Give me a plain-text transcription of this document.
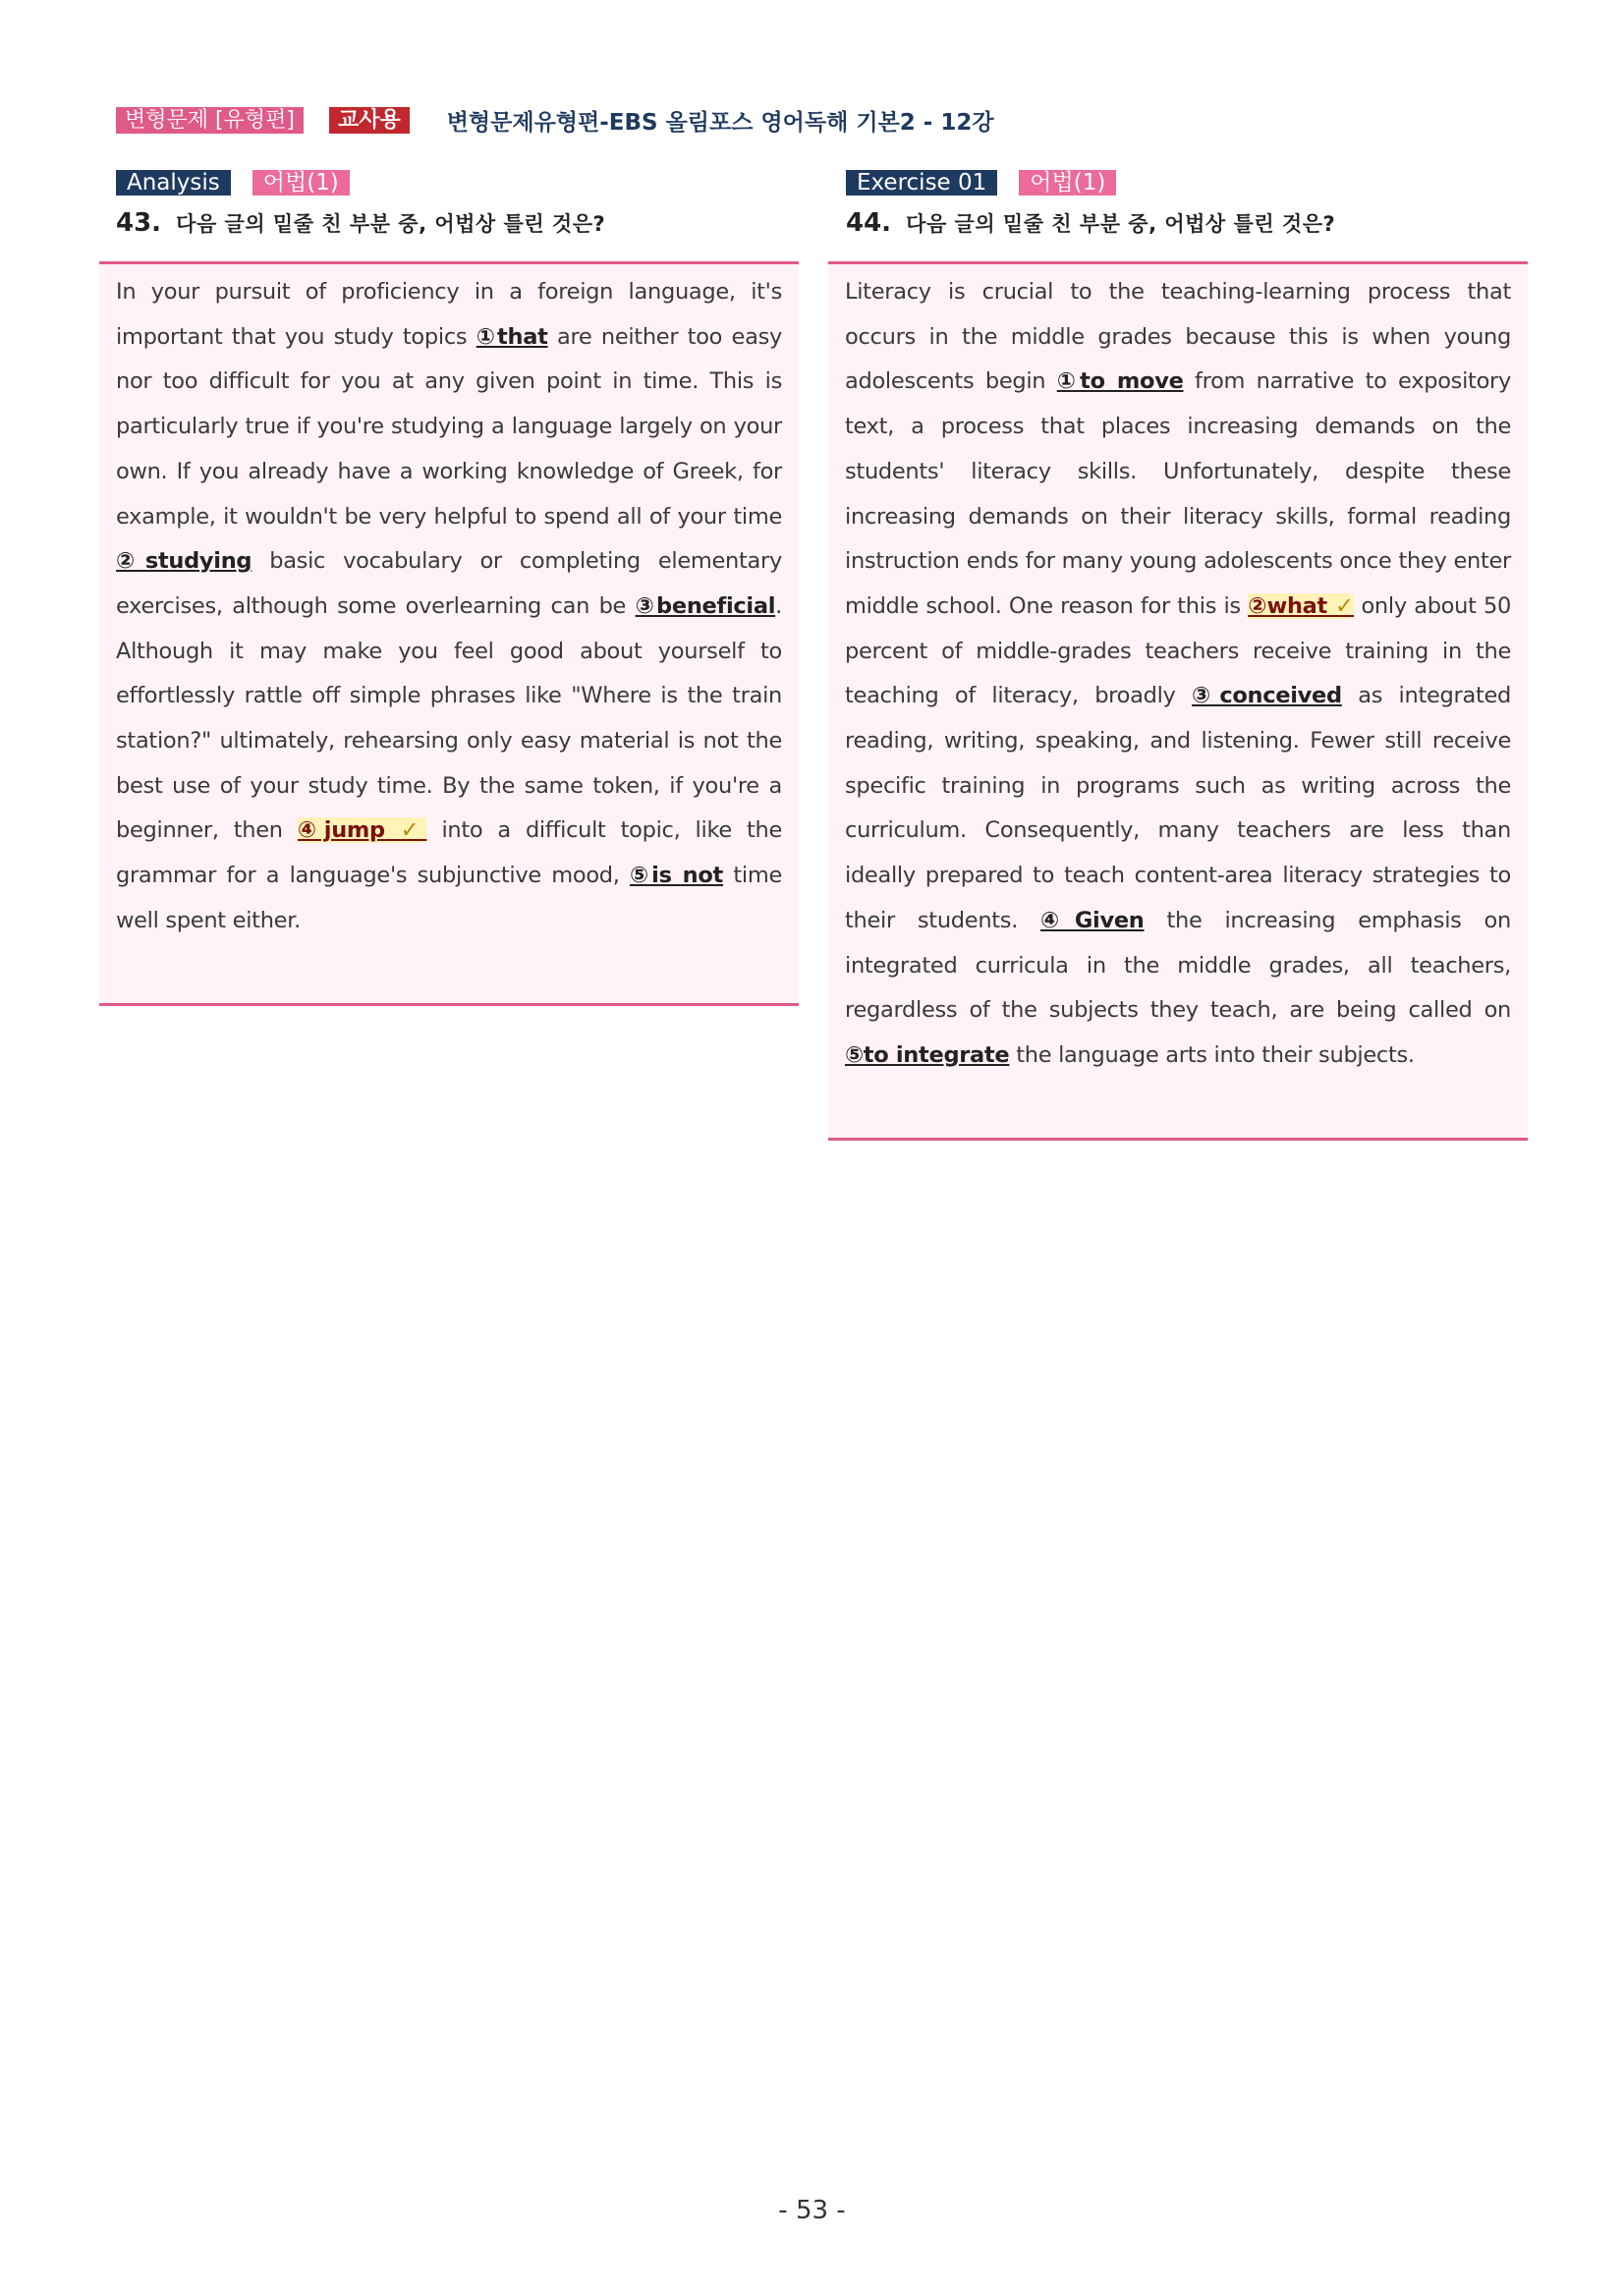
변형문제 [유형편]	교사용	변형문제유형편-EBS 올림포스 영어독해 기본2 - 12강
Analysis	어법(1)
43. 다음 글의 밑줄 친 부분 중, 어법상 틀린 것은?

In your pursuit of proficiency in a foreign language, it's important that you study topics ①that are neither too easy nor too difficult for you at any given point in time. This is particularly true if you're studying a language largely on your own. If you already have a working knowledge of Greek, for example, it wouldn't be very helpful to spend all of your time ②studying basic vocabulary or completing elementary exercises, although some overlearning can be ③beneficial. Although it may make you feel good about yourself to effortlessly rattle off simple phrases like "Where is the train station?" ultimately, rehearsing only easy material is not the best use of your study time. By the same token, if you're a beginner, then ④jump ✓ into a difficult topic, like the grammar for a language's subjunctive mood, ⑤is not time well spent either.

Exercise 01	어법(1)
44. 다음 글의 밑줄 친 부분 중, 어법상 틀린 것은?

Literacy is crucial to the teaching-learning process that occurs in the middle grades because this is when young adolescents begin ①to move from narrative to expository text, a process that places increasing demands on the students' literacy skills. Unfortunately, despite these increasing demands on their literacy skills, formal reading instruction ends for many young adolescents once they enter middle school. One reason for this is ②what ✓ only about 50 percent of middle-grades teachers receive training in the teaching of literacy, broadly ③conceived as integrated reading, writing, speaking, and listening. Fewer still receive specific training in programs such as writing across the curriculum. Consequently, many teachers are less than ideally prepared to teach content-area literacy strategies to their students. ④Given the increasing emphasis on integrated curricula in the middle grades, all teachers, regardless of the subjects they teach, are being called on ⑤to integrate the language arts into their subjects.

- 53 -
